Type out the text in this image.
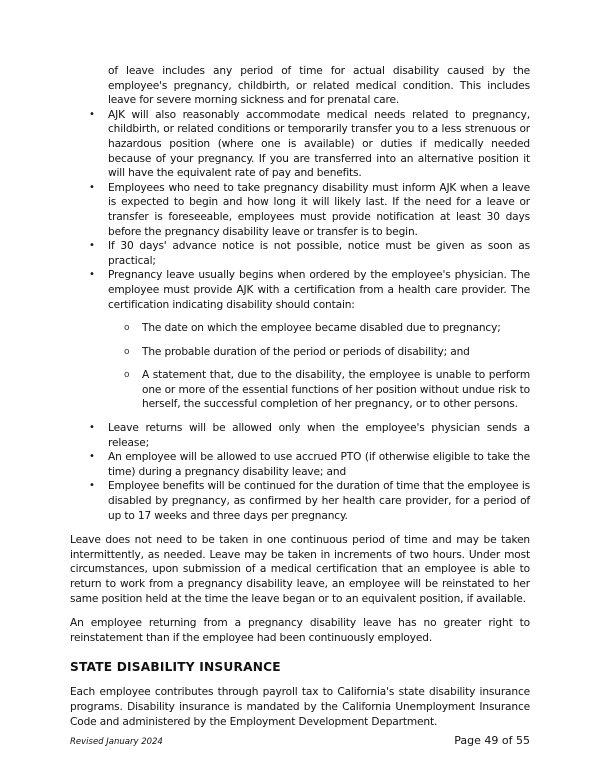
of leave includes any period of time for actual disability caused by the employee's pregnancy, childbirth, or related medical condition. This includes leave for severe morning sickness and for prenatal care.
• AJK will also reasonably accommodate medical needs related to pregnancy, childbirth, or related conditions or temporarily transfer you to a less strenuous or hazardous position (where one is available) or duties if medically needed because of your pregnancy. If you are transferred into an alternative position it will have the equivalent rate of pay and benefits.
• Employees who need to take pregnancy disability must inform AJK when a leave is expected to begin and how long it will likely last. If the need for a leave or transfer is foreseeable, employees must provide notification at least 30 days before the pregnancy disability leave or transfer is to begin.
• If 30 days' advance notice is not possible, notice must be given as soon as practical;
• Pregnancy leave usually begins when ordered by the employee's physician. The employee must provide AJK with a certification from a health care provider. The certification indicating disability should contain:
o The date on which the employee became disabled due to pregnancy;
o The probable duration of the period or periods of disability; and
o A statement that, due to the disability, the employee is unable to perform one or more of the essential functions of her position without undue risk to herself, the successful completion of her pregnancy, or to other persons.
• Leave returns will be allowed only when the employee's physician sends a release;
• An employee will be allowed to use accrued PTO (if otherwise eligible to take the time) during a pregnancy disability leave; and
• Employee benefits will be continued for the duration of time that the employee is disabled by pregnancy, as confirmed by her health care provider, for a period of up to 17 weeks and three days per pregnancy.

Leave does not need to be taken in one continuous period of time and may be taken intermittently, as needed. Leave may be taken in increments of two hours. Under most circumstances, upon submission of a medical certification that an employee is able to return to work from a pregnancy disability leave, an employee will be reinstated to her same position held at the time the leave began or to an equivalent position, if available.

An employee returning from a pregnancy disability leave has no greater right to reinstatement than if the employee had been continuously employed.

STATE DISABILITY INSURANCE

Each employee contributes through payroll tax to California's state disability insurance programs. Disability insurance is mandated by the California Unemployment Insurance Code and administered by the Employment Development Department.

Revised January 2024	Page 49 of 55
